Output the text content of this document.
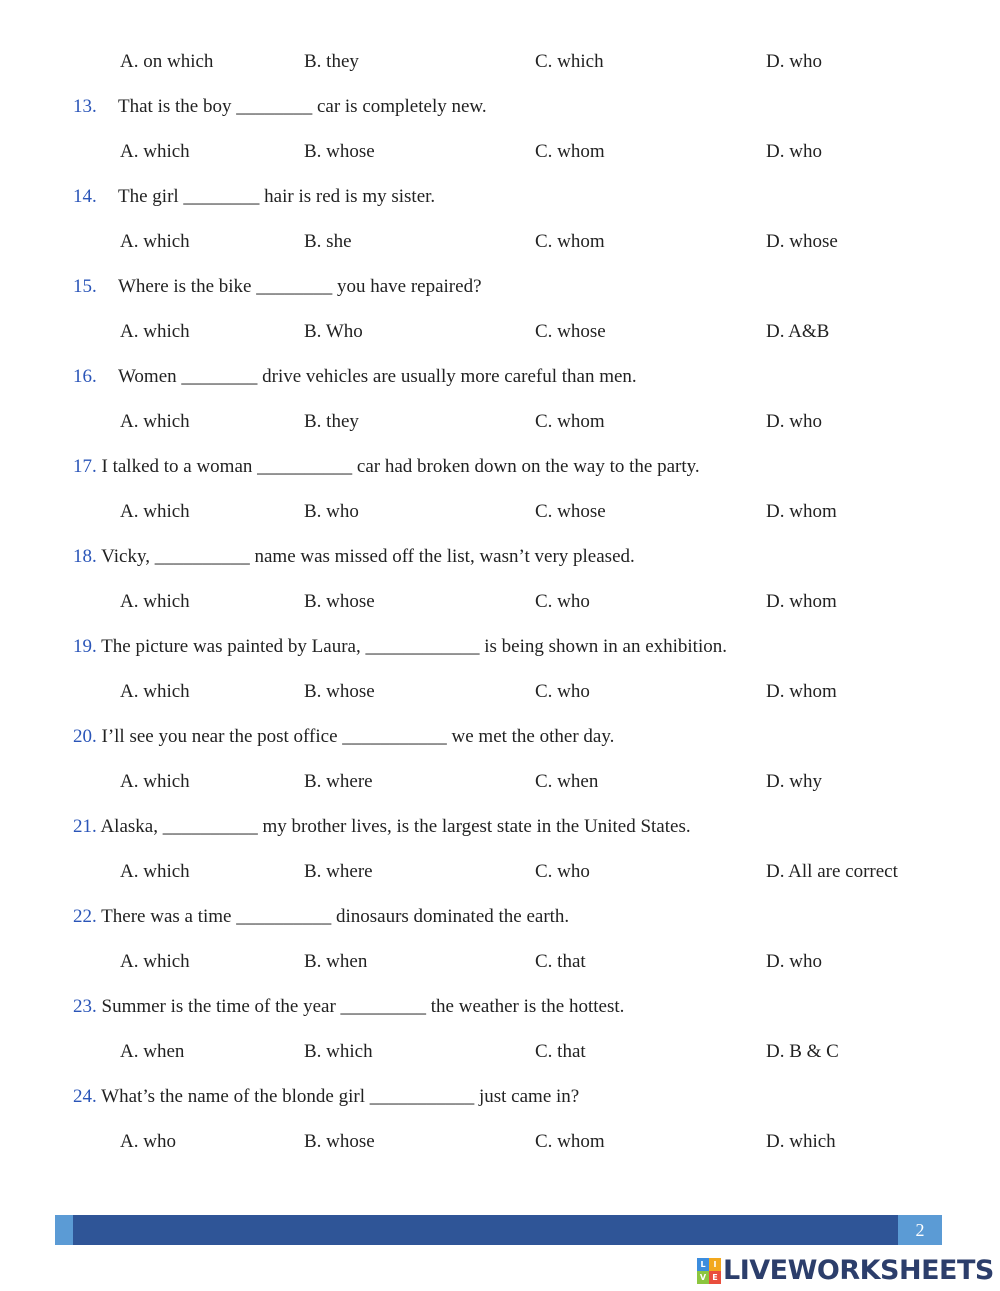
A. on which	B. they	C. which	D. who
13. That is the boy ________ car is completely new.
A. which	B. whose	C. whom	D. who
14. The girl ________ hair is red is my sister.
A. which	B. she	C. whom	D. whose
15. Where is the bike ________ you have repaired?
A. which	B. Who	C. whose	D. A&B
16. Women ________ drive vehicles are usually more careful than men.
A. which	B. they	C. whom	D. who
17. I talked to a woman __________ car had broken down on the way to the party.
A. which	B. who	C. whose	D. whom
18. Vicky, __________ name was missed off the list, wasn’t very pleased.
A. which	B. whose	C. who	D. whom
19. The picture was painted by Laura, ____________ is being shown in an exhibition.
A. which	B. whose	C. who	D. whom
20. I’ll see you near the post office ___________ we met the other day.
A. which	B. where	C. when	D. why
21. Alaska, __________ my brother lives, is the largest state in the United States.
A. which	B. where	C. who	D. All are correct
22. There was a time __________ dinosaurs dominated the earth.
A. which	B. when	C. that	D. who
23. Summer is the time of the year _________ the weather is the hottest.
A. when	B. which	C. that	D. B & C
24. What’s the name of the blonde girl ___________ just came in?
A. who	B. whose	C. whom	D. which
2
L I
V E LIVEWORKSHEETS
